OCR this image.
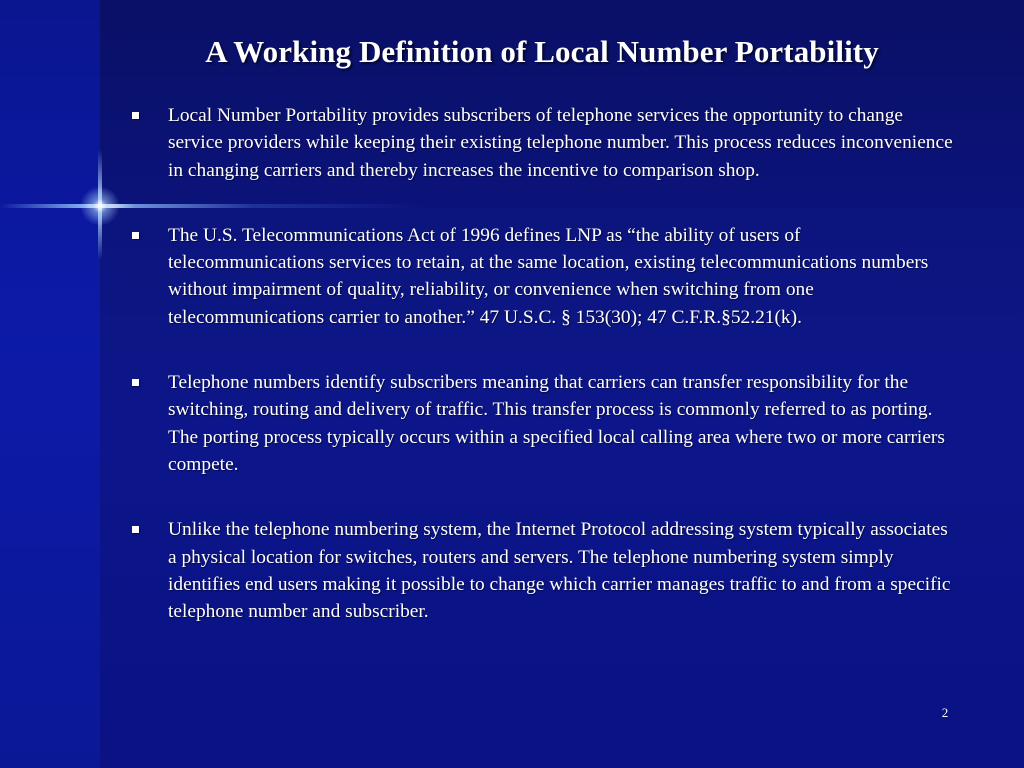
A Working Definition of Local Number Portability
Local Number Portability provides subscribers of telephone services the opportunity to change service providers while keeping their existing telephone number. This process reduces inconvenience in changing carriers and thereby increases the incentive to comparison shop.
The U.S. Telecommunications Act of 1996 defines LNP as “the ability of users of telecommunications services to retain, at the same location, existing telecommunications numbers without impairment of quality, reliability, or convenience when switching from one telecommunications carrier to another.” 47 U.S.C. § 153(30); 47 C.F.R.§52.21(k).
Telephone numbers identify subscribers meaning that carriers can transfer responsibility for the switching, routing and delivery of traffic. This transfer process is commonly referred to as porting. The porting process typically occurs within a specified local calling area where two or more carriers compete.
Unlike the telephone numbering system, the Internet Protocol addressing system typically associates a physical location for switches, routers and servers. The telephone numbering system simply identifies end users making it possible to change which carrier manages traffic to and from a specific telephone number and subscriber.
2
